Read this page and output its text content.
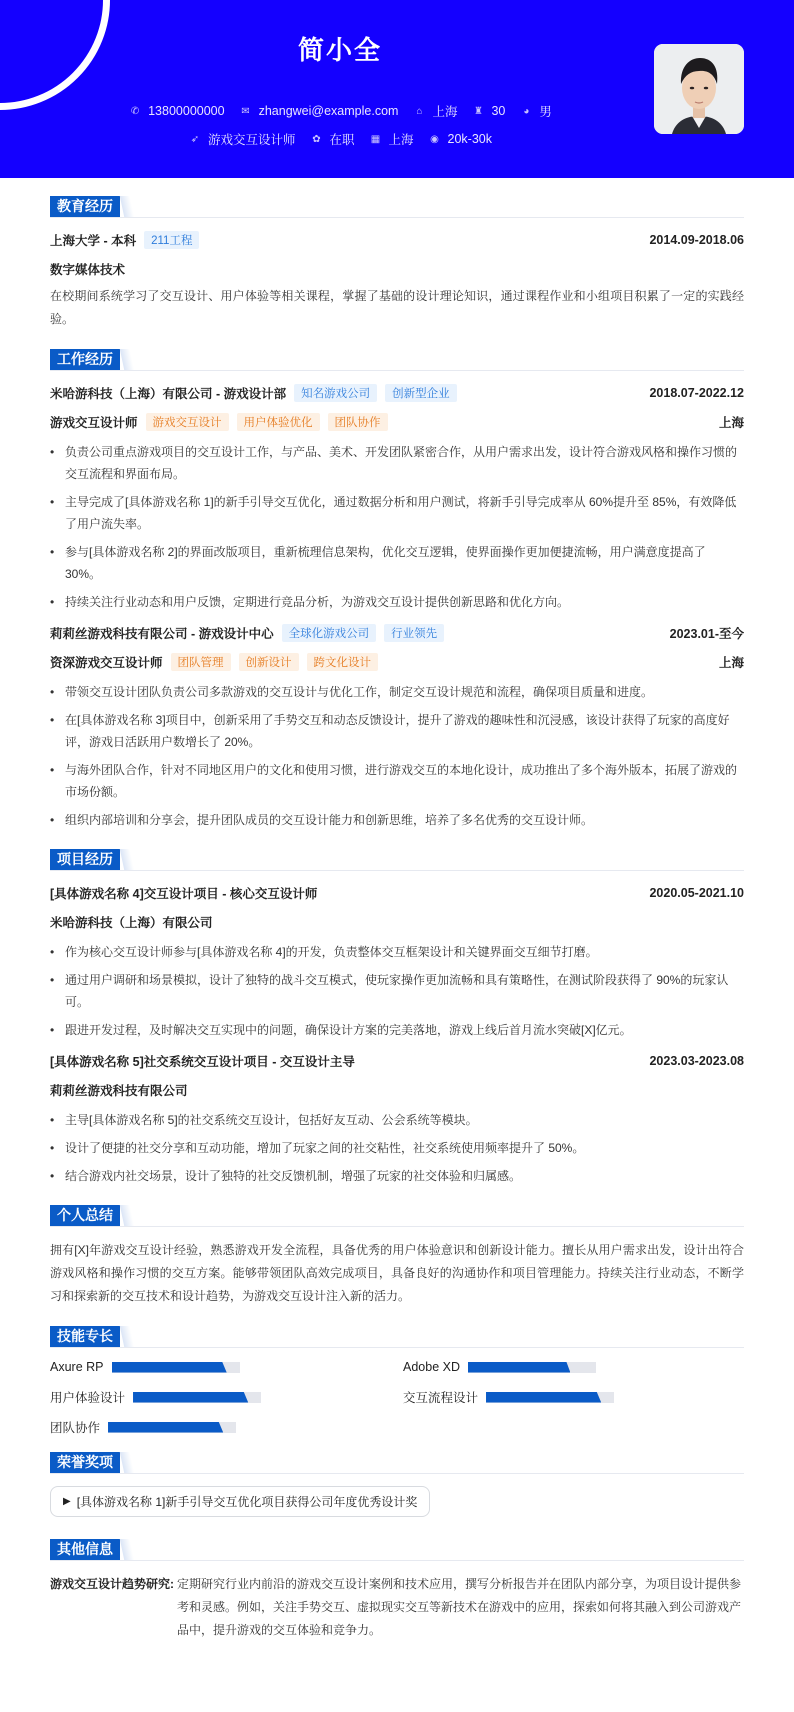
简小全
✆ 13800000000 ✉ zhangwei@example.com	⌂ 上海 ♜ 30	◕ 男
➶ 游戏交互设计师 ✿ 在职 ▦ 上海 ◉ 20k-30k
教育经历
上海大学 - 本科	211工程	2014.09-2018.06
数字媒体技术
在校期间系统学习了交互设计、用户体验等相关课程，掌握了基础的设计理论知识，通过课程作业和小组项目积累了一定的实践经验。
工作经历
米哈游科技（上海）有限公司 - 游戏设计部	知名游戏公司	创新型企业	2018.07-2022.12
游戏交互设计师	游戏交互设计	用户体验优化	团队协作	上海
• 负责公司重点游戏项目的交互设计工作，与产品、美术、开发团队紧密合作，从用户需求出发，设计符合游戏风格和操作习惯的交互流程和界面布局。
• 主导完成了[具体游戏名称 1]的新手引导交互优化，通过数据分析和用户测试，将新手引导完成率从 60%提升至 85%，有效降低了用户流失率。
• 参与[具体游戏名称 2]的界面改版项目，重新梳理信息架构，优化交互逻辑，使界面操作更加便捷流畅，用户满意度提高了 30%。
• 持续关注行业动态和用户反馈，定期进行竞品分析，为游戏交互设计提供创新思路和优化方向。
莉莉丝游戏科技有限公司 - 游戏设计中心	全球化游戏公司	行业领先	2023.01-至今
资深游戏交互设计师	团队管理	创新设计	跨文化设计	上海
• 带领交互设计团队负责公司多款游戏的交互设计与优化工作，制定交互设计规范和流程，确保项目质量和进度。
• 在[具体游戏名称 3]项目中，创新采用了手势交互和动态反馈设计，提升了游戏的趣味性和沉浸感，该设计获得了玩家的高度好评，游戏日活跃用户数增长了 20%。
• 与海外团队合作，针对不同地区用户的文化和使用习惯，进行游戏交互的本地化设计，成功推出了多个海外版本，拓展了游戏的市场份额。
• 组织内部培训和分享会，提升团队成员的交互设计能力和创新思维，培养了多名优秀的交互设计师。
项目经历
[具体游戏名称 4]交互设计项目 - 核心交互设计师	2020.05-2021.10
米哈游科技（上海）有限公司
• 作为核心交互设计师参与[具体游戏名称 4]的开发，负责整体交互框架设计和关键界面交互细节打磨。
• 通过用户调研和场景模拟，设计了独特的战斗交互模式，使玩家操作更加流畅和具有策略性，在测试阶段获得了 90%的玩家认可。
• 跟进开发过程，及时解决交互实现中的问题，确保设计方案的完美落地，游戏上线后首月流水突破[X]亿元。
[具体游戏名称 5]社交系统交互设计项目 - 交互设计主导	2023.03-2023.08
莉莉丝游戏科技有限公司
• 主导[具体游戏名称 5]的社交系统交互设计，包括好友互动、公会系统等模块。
• 设计了便捷的社交分享和互动功能，增加了玩家之间的社交粘性，社交系统使用频率提升了 50%。
• 结合游戏内社交场景，设计了独特的社交反馈机制，增强了玩家的社交体验和归属感。
个人总结
拥有[X]年游戏交互设计经验，熟悉游戏开发全流程，具备优秀的用户体验意识和创新设计能力。擅长从用户需求出发，设计出符合游戏风格和操作习惯的交互方案。能够带领团队高效完成项目，具备良好的沟通协作和项目管理能力。持续关注行业动态，不断学习和探索新的交互技术和设计趋势，为游戏交互设计注入新的活力。
技能专长
Axure RP	Adobe XD
用户体验设计	交互流程设计
团队协作
荣誉奖项
▶ [具体游戏名称 1]新手引导交互优化项目获得公司年度优秀设计奖
其他信息
游戏交互设计趋势研究: 定期研究行业内前沿的游戏交互设计案例和技术应用，撰写分析报告并在团队内部分享，为项目设计提供参考和灵感。例如，关注手势交互、虚拟现实交互等新技术在游戏中的应用，探索如何将其融入到公司游戏产品中，提升游戏的交互体验和竞争力。
